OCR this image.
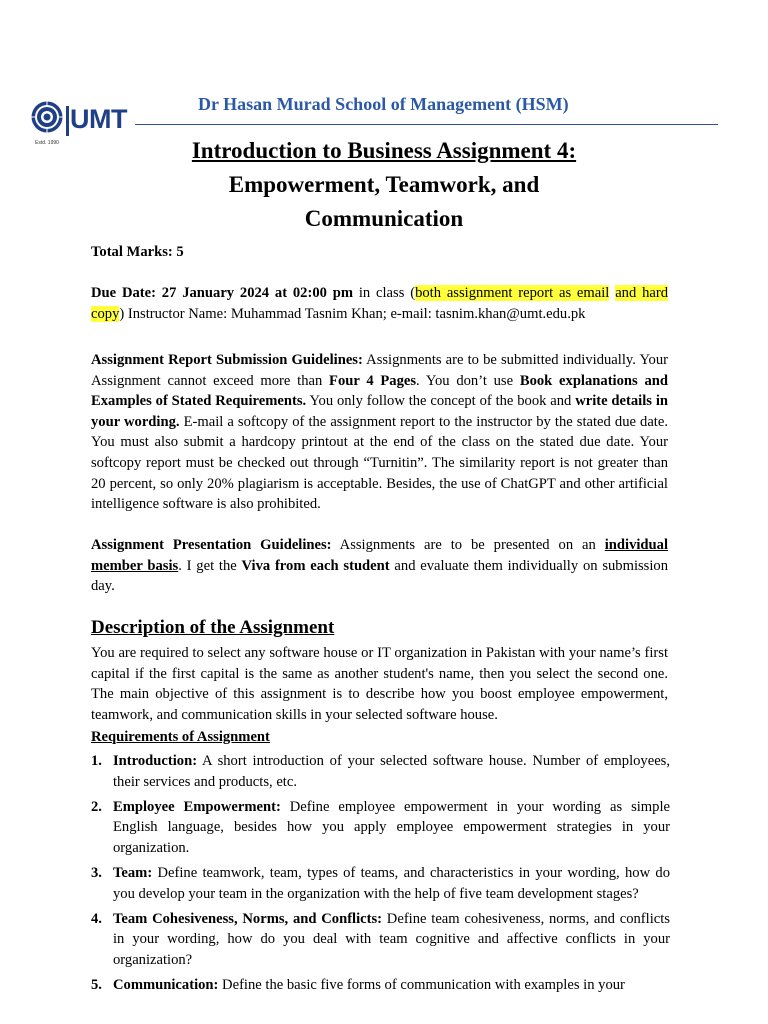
UMT
Estd. 1990
Dr Hasan Murad School of Management (HSM)
Introduction to Business Assignment 4:
Empowerment, Teamwork, and
Communication
Total Marks: 5
Due Date: 27 January 2024 at 02:00 pm in class (both assignment report as email and hard copy) Instructor Name: Muhammad Tasnim Khan; e-mail: tasnim.khan@umt.edu.pk
Assignment Report Submission Guidelines: Assignments are to be submitted individually. Your Assignment cannot exceed more than Four 4 Pages. You don’t use Book explanations and Examples of Stated Requirements. You only follow the concept of the book and write details in your wording. E-mail a softcopy of the assignment report to the instructor by the stated due date. You must also submit a hardcopy printout at the end of the class on the stated due date. Your softcopy report must be checked out through “Turnitin”. The similarity report is not greater than 20 percent, so only 20% plagiarism is acceptable. Besides, the use of ChatGPT and other artificial intelligence software is also prohibited.
Assignment Presentation Guidelines: Assignments are to be presented on an individual member basis. I get the Viva from each student and evaluate them individually on submission day.
Description of the Assignment
You are required to select any software house or IT organization in Pakistan with your name’s first capital if the first capital is the same as another student's name, then you select the second one. The main objective of this assignment is to describe how you boost employee empowerment, teamwork, and communication skills in your selected software house.
Requirements of Assignment
1. Introduction: A short introduction of your selected software house. Number of employees, their services and products, etc.
2. Employee Empowerment: Define employee empowerment in your wording as simple English language, besides how you apply employee empowerment strategies in your organization.
3. Team: Define teamwork, team, types of teams, and characteristics in your wording, how do you develop your team in the organization with the help of five team development stages?
4. Team Cohesiveness, Norms, and Conflicts: Define team cohesiveness, norms, and conflicts in your wording, how do you deal with team cognitive and affective conflicts in your organization?
5. Communication: Define the basic five forms of communication with examples in your
